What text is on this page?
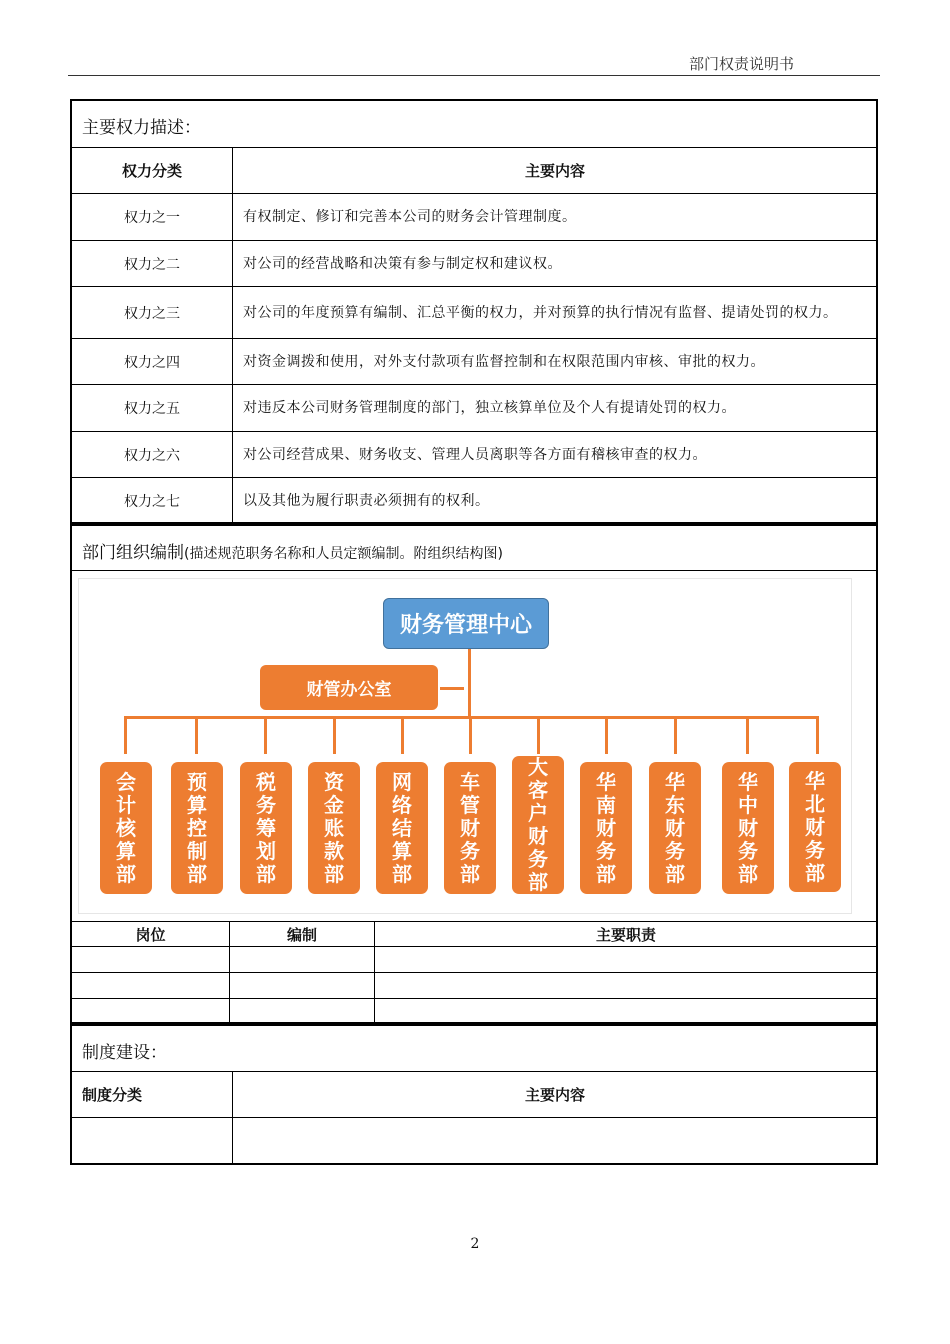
部门权责说明书
主要权力描述：
权力分类	主要内容
权力之一	有权制定、修订和完善本公司的财务会计管理制度。
权力之二	对公司的经营战略和决策有参与制定权和建议权。
权力之三	对公司的年度预算有编制、汇总平衡的权力，并对预算的执行情况有监督、提请处罚的权力。
权力之四	对资金调拨和使用，对外支付款项有监督控制和在权限范围内审核、审批的权力。
权力之五	对违反本公司财务管理制度的部门，独立核算单位及个人有提请处罚的权力。
权力之六	对公司经营成果、财务收支、管理人员离职等各方面有稽核审查的权力。
权力之七	以及其他为履行职责必须拥有的权利。
部门组织编制(描述规范职务名称和人员定额编制。附组织结构图)
财务管理中心
财管办公室
会计核算部
预算控制部
税务筹划部
资金账款部
网络结算部
车管财务部
大客户财务部
华南财务部
华东财务部
华中财务部
华北财务部
岗位	编制	主要职责

制度建设：
制度分类	主要内容

2
